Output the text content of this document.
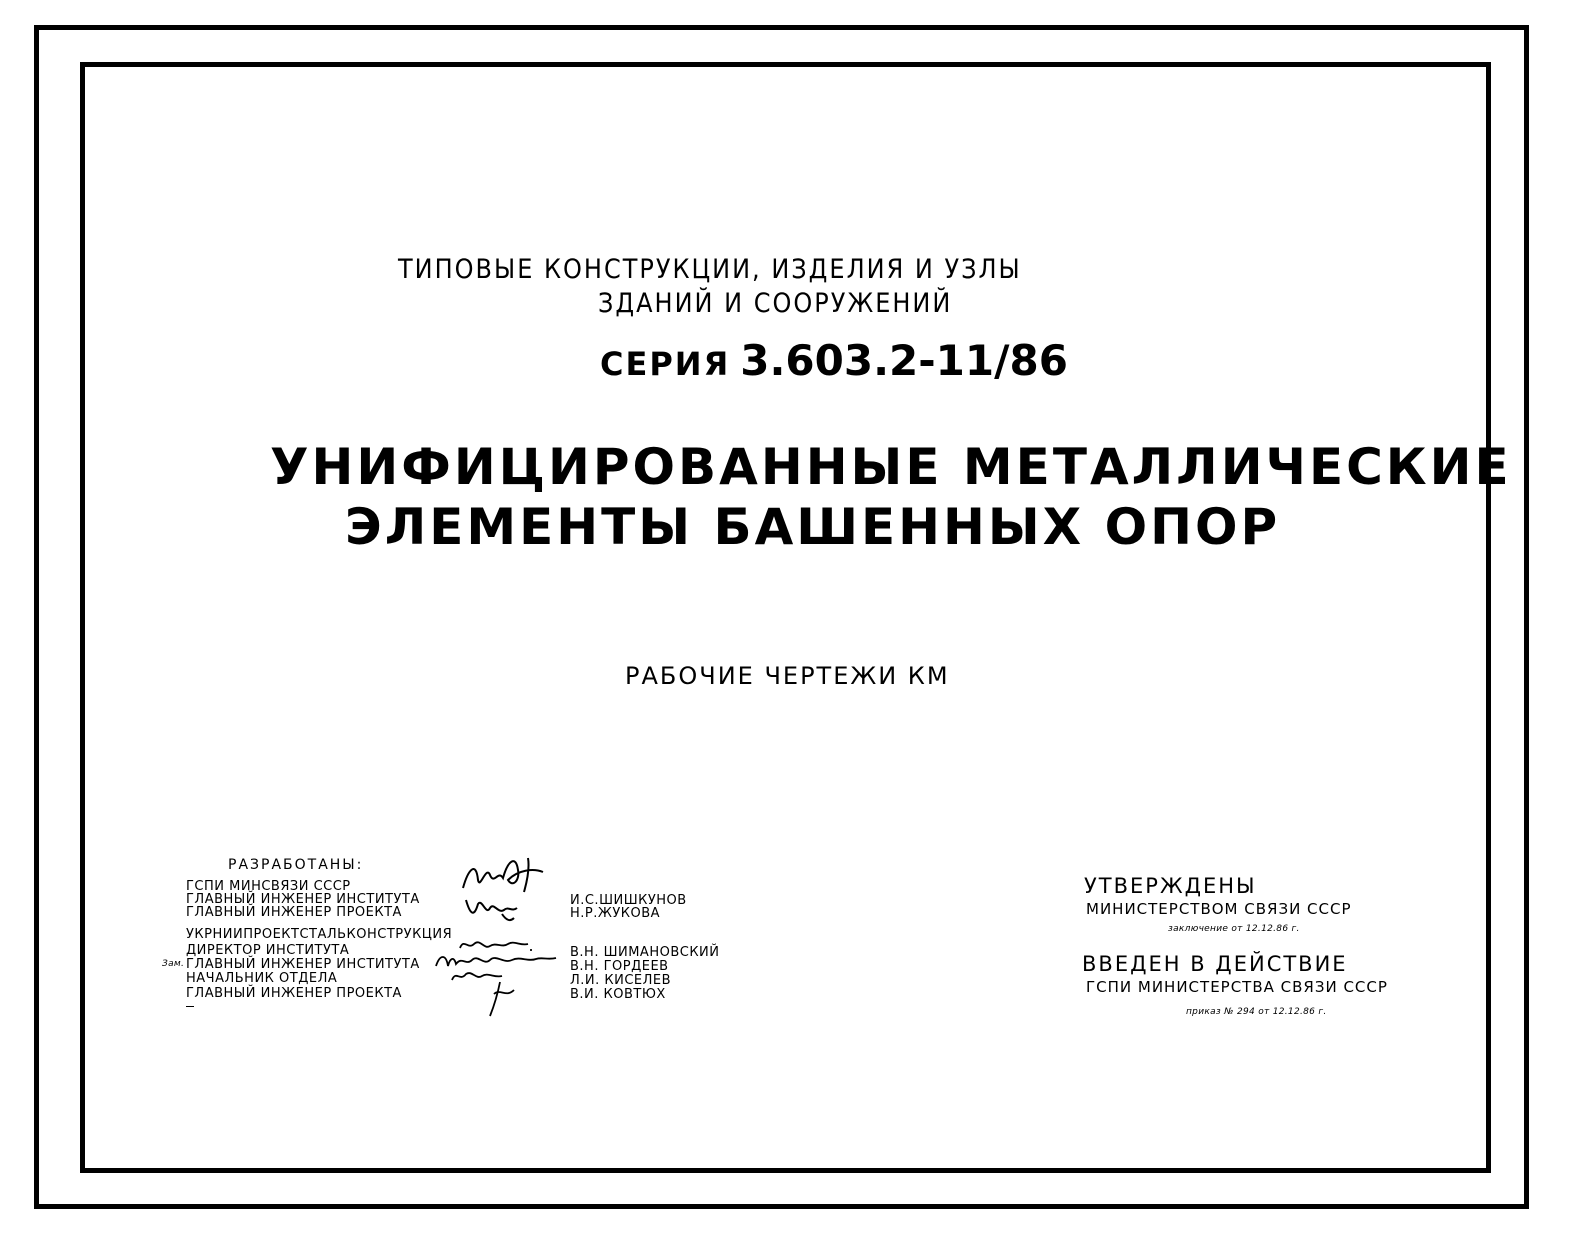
ТИПОВЫЕ КОНСТРУКЦИИ, ИЗДЕЛИЯ И УЗЛЫ
ЗДАНИЙ И СООРУЖЕНИЙ
СЕРИЯ 3.603.2-11/86
УНИФИЦИРОВАННЫЕ МЕТАЛЛИЧЕСКИЕ
ЭЛЕМЕНТЫ БАШЕННЫХ ОПОР
РАБОЧИЕ ЧЕРТЕЖИ КМ
РАЗРАБОТАНЫ:
ГСПИ МИНСВЯЗИ СССР
ГЛАВНЫЙ ИНЖЕНЕР ИНСТИТУТА
ГЛАВНЫЙ ИНЖЕНЕР ПРОЕКТА
И.С.ШИШКУНОВ
Н.Р.ЖУКОВА
УКРНИИПРОЕКТСТАЛЬКОНСТРУКЦИЯ
ДИРЕКТОР ИНСТИТУТА
ГЛАВНЫЙ ИНЖЕНЕР ИНСТИТУТА
НАЧАЛЬНИК ОТДЕЛА
ГЛАВНЫЙ ИНЖЕНЕР ПРОЕКТА
Зам.
В.Н. ШИМАНОВСКИЙ
В.Н. ГОРДЕЕВ
Л.И. КИСЕЛЕВ
В.И. КОВТЮХ
УТВЕРЖДЕНЫ
МИНИСТЕРСТВОМ СВЯЗИ СССР
заключение от 12.12.86 г.
ВВЕДЕН В ДЕЙСТВИЕ
ГСПИ МИНИСТЕРСТВА СВЯЗИ СССР
приказ № 294 от 12.12.86 г.
